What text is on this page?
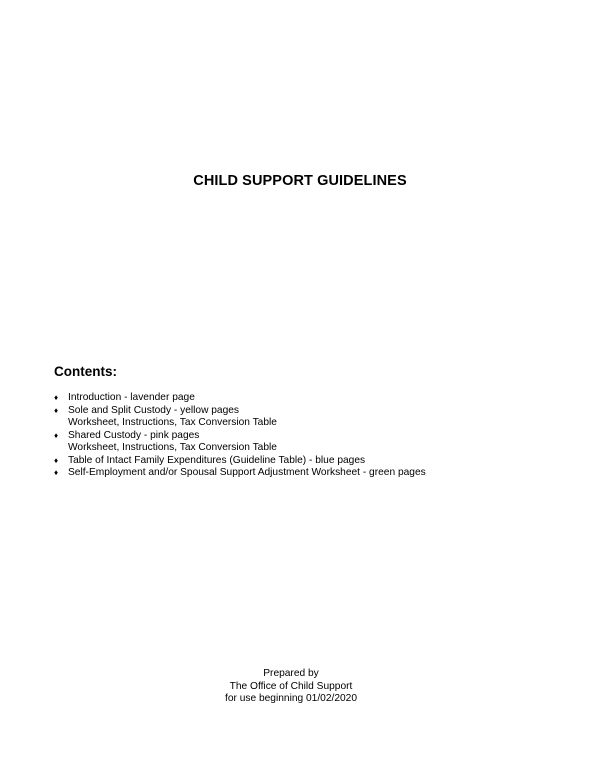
CHILD SUPPORT GUIDELINES
Contents:
♦ Introduction - lavender page
♦ Sole and Split Custody - yellow pages
Worksheet, Instructions, Tax Conversion Table
♦ Shared Custody - pink pages
Worksheet, Instructions, Tax Conversion Table
♦ Table of Intact Family Expenditures (Guideline Table) - blue pages
♦ Self-Employment and/or Spousal Support Adjustment Worksheet - green pages
Prepared by
The Office of Child Support
for use beginning 01/02/2020
